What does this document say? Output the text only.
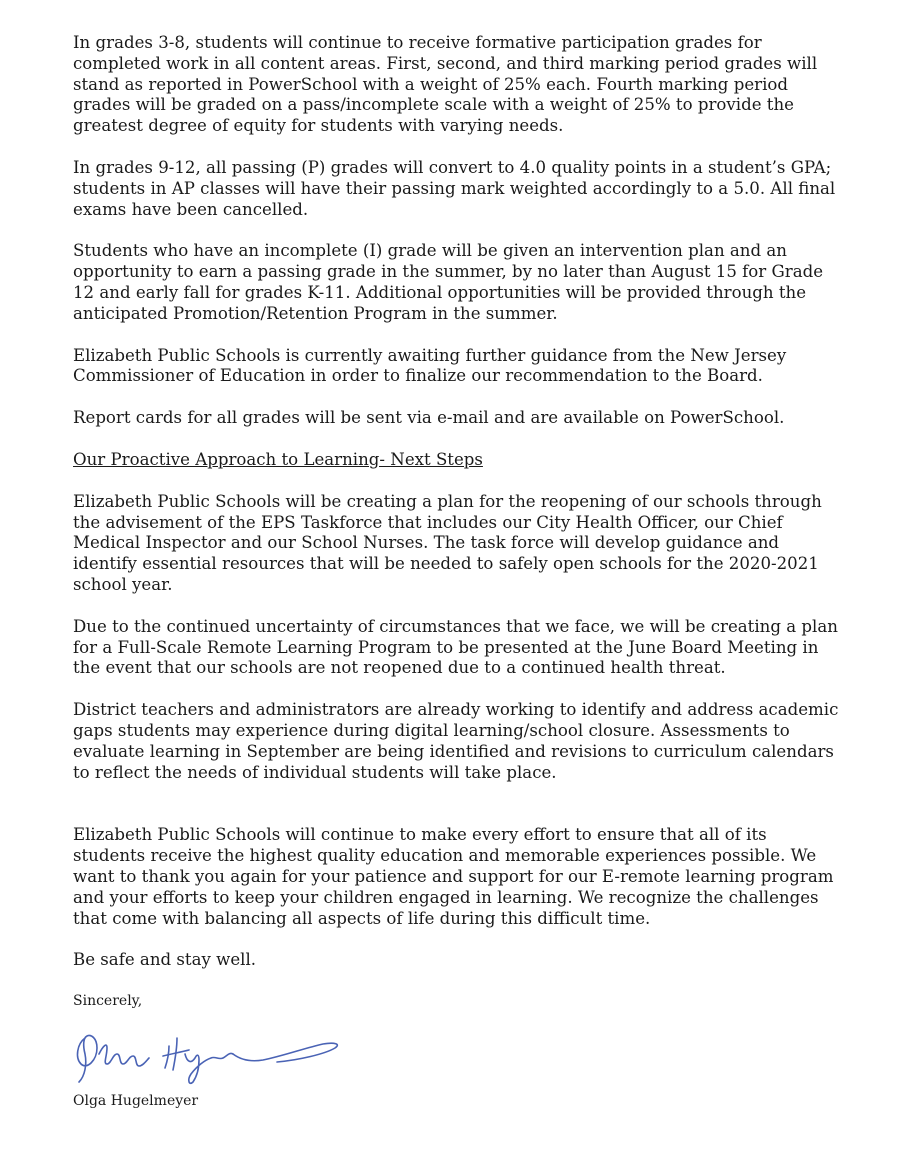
In grades 3-8, students will continue to receive formative participation grades for completed work in all content areas. First, second, and third marking period grades will stand as reported in PowerSchool with a weight of 25% each. Fourth marking period grades will be graded on a pass/incomplete scale with a weight of 25% to provide the greatest degree of equity for students with varying needs.

In grades 9-12, all passing (P) grades will convert to 4.0 quality points in a student’s GPA; students in AP classes will have their passing mark weighted accordingly to a 5.0. All final exams have been cancelled.

Students who have an incomplete (I) grade will be given an intervention plan and an opportunity to earn a passing grade in the summer, by no later than August 15 for Grade 12 and early fall for grades K-11. Additional opportunities will be provided through the anticipated Promotion/Retention Program in the summer.

Elizabeth Public Schools is currently awaiting further guidance from the New Jersey Commissioner of Education in order to finalize our recommendation to the Board.

Report cards for all grades will be sent via e-mail and are available on PowerSchool.

Our Proactive Approach to Learning- Next Steps

Elizabeth Public Schools will be creating a plan for the reopening of our schools through the advisement of the EPS Taskforce that includes our City Health Officer, our Chief Medical Inspector and our School Nurses. The task force will develop guidance and identify essential resources that will be needed to safely open schools for the 2020-2021 school year.

Due to the continued uncertainty of circumstances that we face, we will be creating a plan for a Full-Scale Remote Learning Program to be presented at the June Board Meeting in the event that our schools are not reopened due to a continued health threat.

District teachers and administrators are already working to identify and address academic gaps students may experience during digital learning/school closure. Assessments to evaluate learning in September are being identified and revisions to curriculum calendars to reflect the needs of individual students will take place.

Elizabeth Public Schools will continue to make every effort to ensure that all of its students receive the highest quality education and memorable experiences possible. We want to thank you again for your patience and support for our E-remote learning program and your efforts to keep your children engaged in learning. We recognize the challenges that come with balancing all aspects of life during this difficult time.

Be safe and stay well.

Sincerely,

Olga Hugelmeyer
